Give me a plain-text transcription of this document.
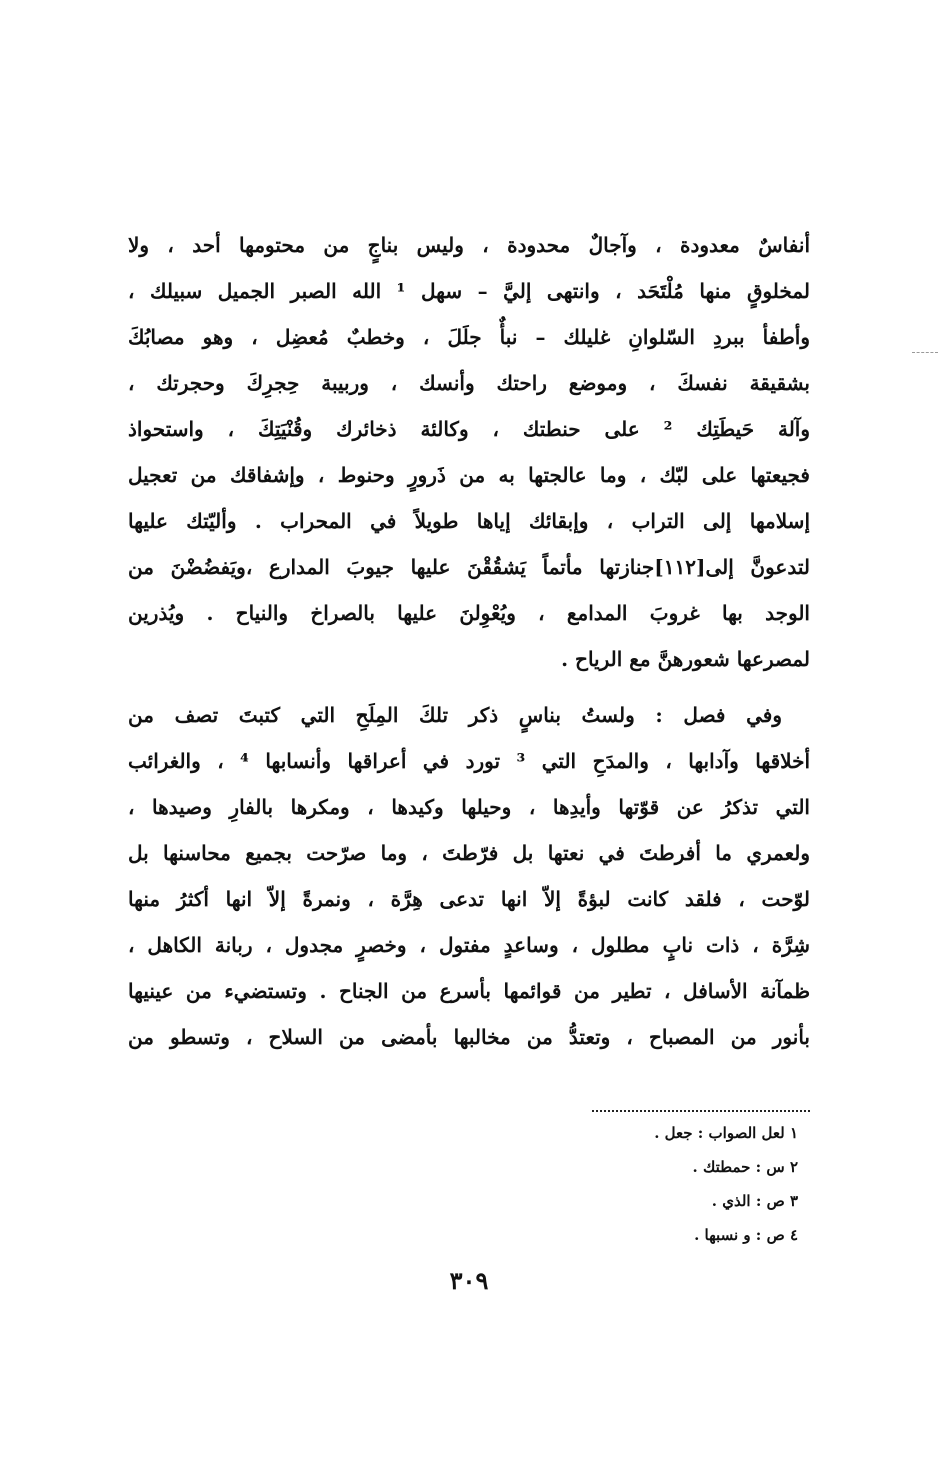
أنفاسٌ معدودة ، وآجالٌ محدودة ، وليس بناجٍ من محتومها أحد ، ولا
لمخلوقٍ منها مُلْتَحَد ، وانتهى إليَّ – سهل ¹ الله الصبر الجميل سبيلك ،
وأطفأ ببردِ السّلوانِ غليلك – نبأٌ جلَلَ ، وخطبٌ مُعضِل ، وهو مصابُكَ
بشقيقة نفسكَ ، وموضع راحتك وأنسك ، وربيبة حِجرِكَ وحجرتك ،
وآلة حَيطَتِك ² على حنطتك ، وكالئة ذخائرك وقُنْيَتِكَ ، واستحواذ
فجيعتها على لبّك ، وما عالجتها به من ذَرورٍ وحنوط ، وإشفاقك من تعجيل
إسلامها إلى التراب ، وإبقائك إياها طويلاً في المحراب . وأليّتك عليها
لتدعونَّ إلى[١١٢]جنازتها مأتماً يَشقُقْنَ عليها جيوبَ المدارع ،ويَفضُضْنَ من
الوجد بها غروبَ المدامع ، ويُعْوِلنَ عليها بالصراخ والنياح . ويُذرين
لمصرعها شعورهنَّ مع الرياح .
وفي فصل : ولستُ بناسٍ ذكر تلكَ المِلَحِ التي كتبتَ تصف من
أخلاقها وآدابها ، والمدَحِ التي ³ تورد في أعراقها وأنسابها ⁴ ، والغرائب
التي تذكرُ عن قوّتها وأيدِها ، وحيلها وكيدها ، ومكرها بالفارِ وصيدها ،
ولعمري ما أفرطتَ في نعتها بل فرّطتَ ، وما صرّحت بجميع محاسنها بل
لوّحت ، فلقد كانت لبؤةً إلاّ انها تدعى هِرَّة ، ونمرةً إلاّ انها أكثرُ منها
شِرَّة ، ذات نابٍ مطلول ، وساعدٍ مفتول ، وخصرٍ مجدول ، ربانة الكاهل ،
ظمآنة الأسافل ، تطير من قوائمها بأسرع من الجناح . وتستضيء من عينيها
بأنور من المصباح ، وتعتدُّ من مخالبها بأمضى من السلاح ، وتسطو من
١ لعل الصواب : جعل .
٢ س : حمطتك .
٣ ص : الذي .
٤ ص : و نسبها .
٣٠٩
